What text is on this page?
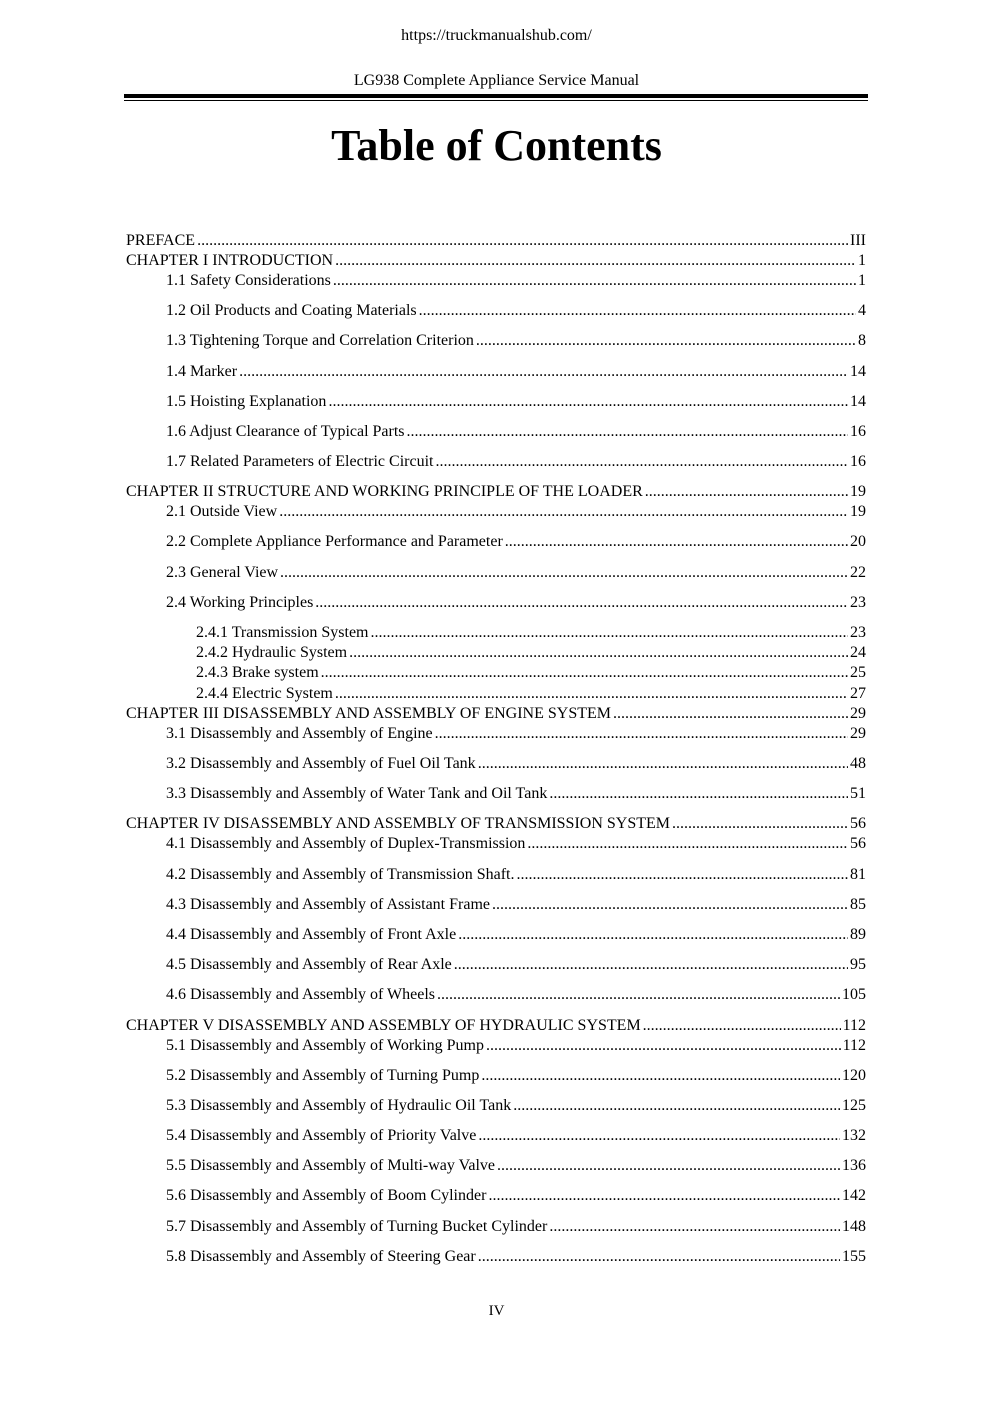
https://truckmanualshub.com/
LG938 Complete Appliance Service Manual
Table of Contents
PREFACE .....	III
CHAPTER I INTRODUCTION .....	1
1.1 Safety Considerations .....	1
1.2 Oil Products and Coating Materials .....	4
1.3 Tightening Torque and Correlation Criterion .....	8
1.4 Marker .....	14
1.5 Hoisting Explanation .....	14
1.6 Adjust Clearance of Typical Parts .....	16
1.7 Related Parameters of Electric Circuit .....	16
CHAPTER II STRUCTURE AND WORKING PRINCIPLE OF THE LOADER .....	19
2.1 Outside View .....	19
2.2 Complete Appliance Performance and Parameter .....	20
2.3 General View .....	22
2.4 Working Principles .....	23
2.4.1 Transmission System .....	23
2.4.2 Hydraulic System .....	24
2.4.3 Brake system .....	25
2.4.4 Electric System .....	27
CHAPTER III DISASSEMBLY AND ASSEMBLY OF ENGINE SYSTEM .....	29
3.1 Disassembly and Assembly of Engine .....	29
3.2 Disassembly and Assembly of Fuel Oil Tank .....	48
3.3 Disassembly and Assembly of Water Tank and Oil Tank .....	51
CHAPTER IV DISASSEMBLY AND ASSEMBLY OF TRANSMISSION SYSTEM .....	56
4.1 Disassembly and Assembly of Duplex-Transmission .....	56
4.2 Disassembly and Assembly of Transmission Shaft. .....	81
4.3 Disassembly and Assembly of Assistant Frame .....	85
4.4 Disassembly and Assembly of Front Axle .....	89
4.5 Disassembly and Assembly of Rear Axle .....	95
4.6 Disassembly and Assembly of Wheels .....	105
CHAPTER V DISASSEMBLY AND ASSEMBLY OF HYDRAULIC SYSTEM .....	112
5.1 Disassembly and Assembly of Working Pump .....	112
5.2 Disassembly and Assembly of Turning Pump .....	120
5.3 Disassembly and Assembly of Hydraulic Oil Tank .....	125
5.4 Disassembly and Assembly of Priority Valve .....	132
5.5 Disassembly and Assembly of Multi-way Valve .....	136
5.6 Disassembly and Assembly of Boom Cylinder .....	142
5.7 Disassembly and Assembly of Turning Bucket Cylinder .....	148
5.8 Disassembly and Assembly of Steering Gear .....	155
IV
